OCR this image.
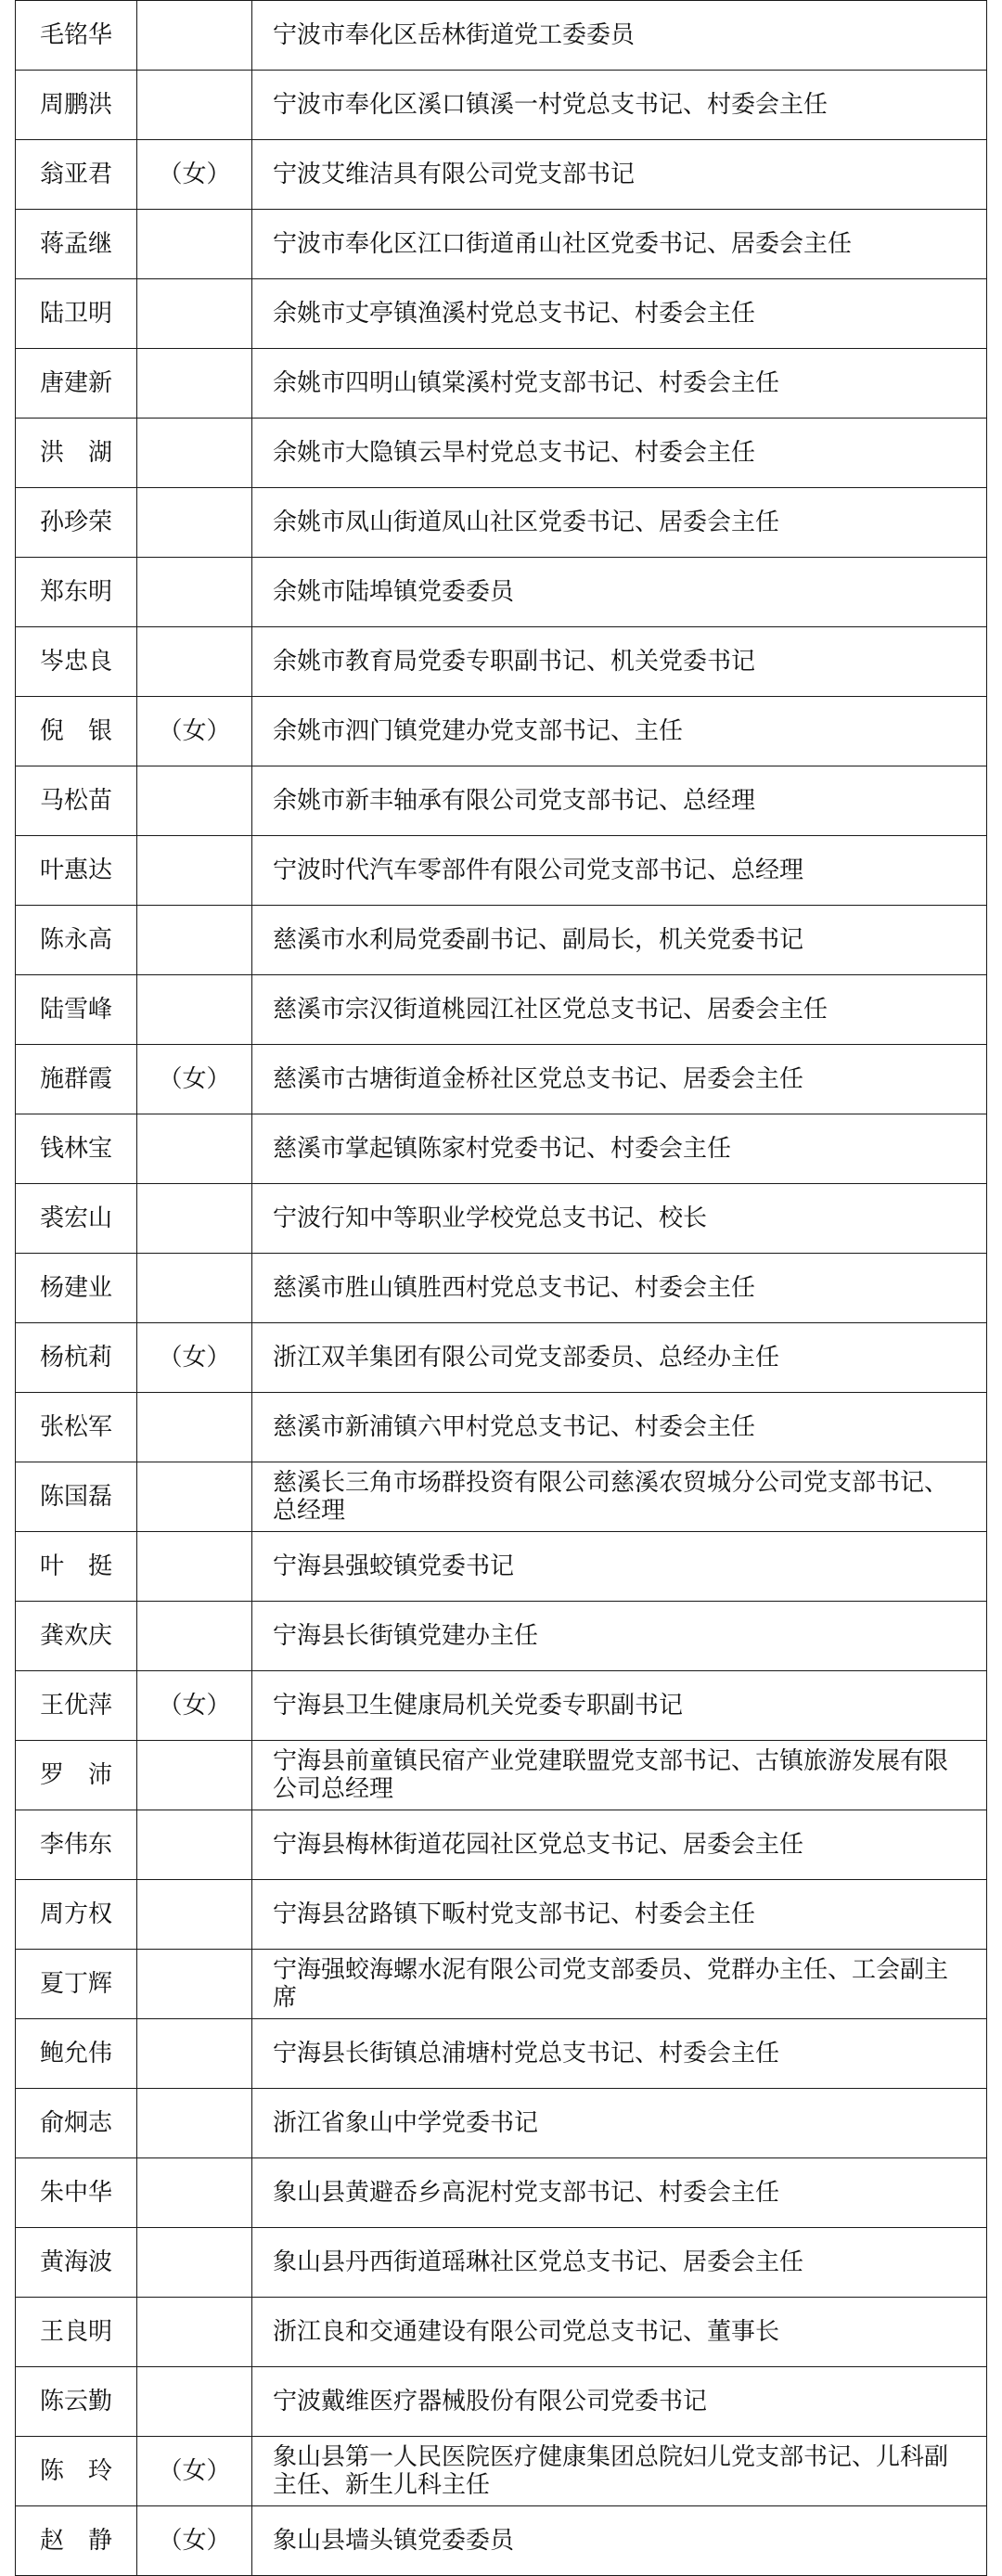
毛铭华		宁波市奉化区岳林街道党工委委员
周鹏洪		宁波市奉化区溪口镇溪一村党总支书记、村委会主任
翁亚君	（女）	宁波艾维洁具有限公司党支部书记
蒋孟继		宁波市奉化区江口街道甬山社区党委书记、居委会主任
陆卫明		余姚市丈亭镇渔溪村党总支书记、村委会主任
唐建新		余姚市四明山镇棠溪村党支部书记、村委会主任
洪　湖		余姚市大隐镇云旱村党总支书记、村委会主任
孙珍荣		余姚市凤山街道凤山社区党委书记、居委会主任
郑东明		余姚市陆埠镇党委委员
岑忠良		余姚市教育局党委专职副书记、机关党委书记
倪　银	（女）	余姚市泗门镇党建办党支部书记、主任
马松苗		余姚市新丰轴承有限公司党支部书记、总经理
叶惠达		宁波时代汽车零部件有限公司党支部书记、总经理
陈永高		慈溪市水利局党委副书记、副局长，机关党委书记
陆雪峰		慈溪市宗汉街道桃园江社区党总支书记、居委会主任
施群霞	（女）	慈溪市古塘街道金桥社区党总支书记、居委会主任
钱林宝		慈溪市掌起镇陈家村党委书记、村委会主任
裘宏山		宁波行知中等职业学校党总支书记、校长
杨建业		慈溪市胜山镇胜西村党总支书记、村委会主任
杨杭莉	（女）	浙江双羊集团有限公司党支部委员、总经办主任
张松军		慈溪市新浦镇六甲村党总支书记、村委会主任
陈国磊		慈溪长三角市场群投资有限公司慈溪农贸城分公司党支部书记、总经理
叶　挺		宁海县强蛟镇党委书记
龚欢庆		宁海县长街镇党建办主任
王优萍	（女）	宁海县卫生健康局机关党委专职副书记
罗　沛		宁海县前童镇民宿产业党建联盟党支部书记、古镇旅游发展有限公司总经理
李伟东		宁海县梅林街道花园社区党总支书记、居委会主任
周方权		宁海县岔路镇下畈村党支部书记、村委会主任
夏丁辉		宁海强蛟海螺水泥有限公司党支部委员、党群办主任、工会副主席
鲍允伟		宁海县长街镇总浦塘村党总支书记、村委会主任
俞炯志		浙江省象山中学党委书记
朱中华		象山县黄避岙乡高泥村党支部书记、村委会主任
黄海波		象山县丹西街道瑶琳社区党总支书记、居委会主任
王良明		浙江良和交通建设有限公司党总支书记、董事长
陈云勤		宁波戴维医疗器械股份有限公司党委书记
陈　玲	（女）	象山县第一人民医院医疗健康集团总院妇儿党支部书记、儿科副主任、新生儿科主任
赵　静	（女）	象山县墙头镇党委委员
